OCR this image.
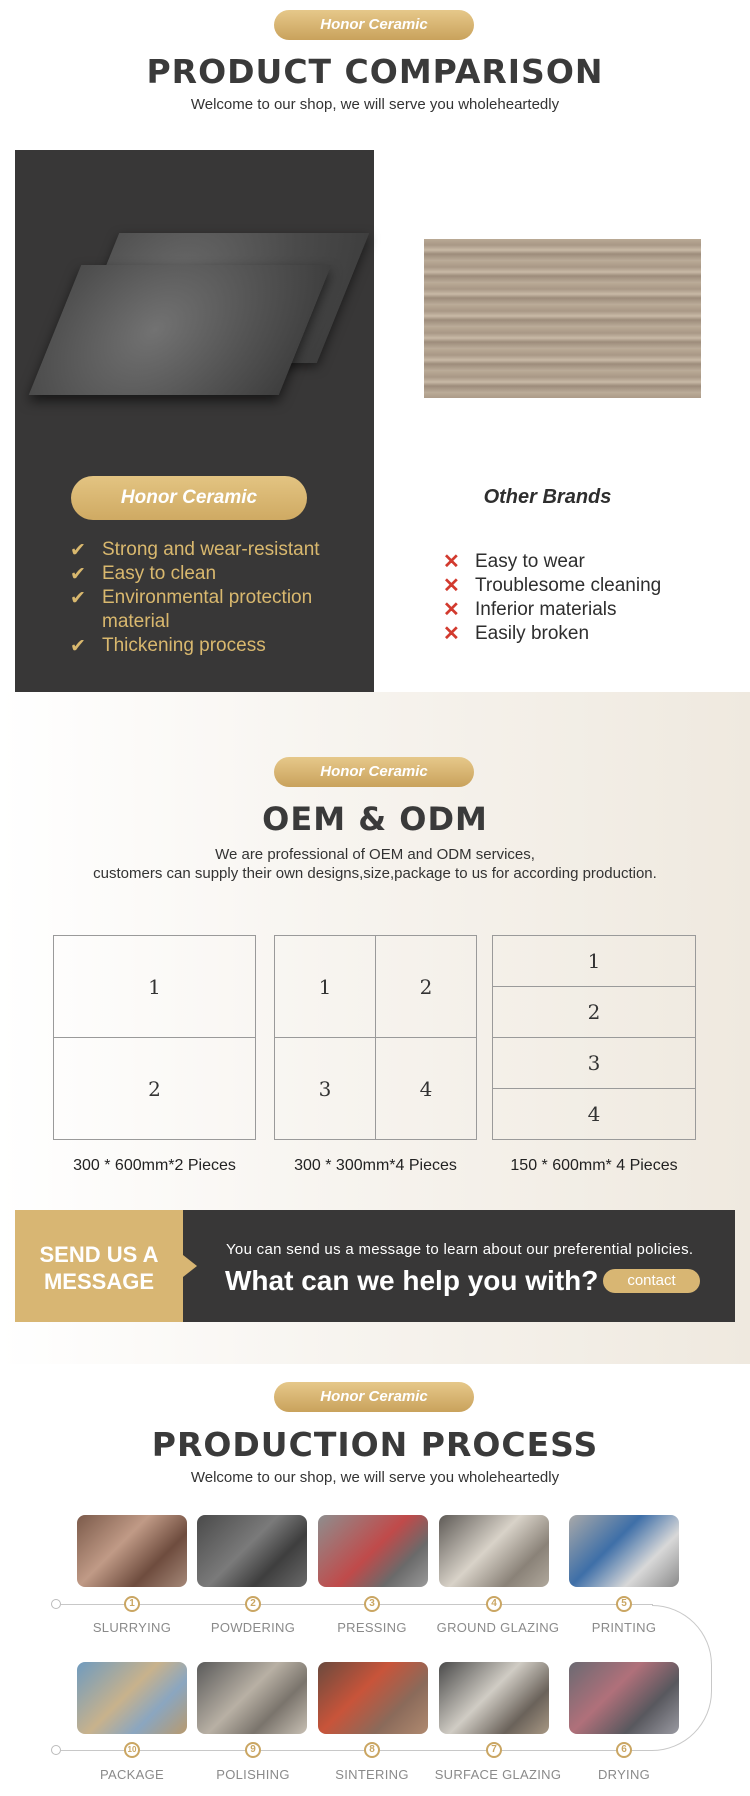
Honor Ceramic
PRODUCT COMPARISON
Welcome to our shop, we will serve you wholeheartedly
Honor Ceramic
✔ Strong and wear-resistant
✔ Easy to clean
✔ Environmental protection material
✔ Thickening process
Other Brands
✕ Easy to wear
✕ Troublesome cleaning
✕ Inferior materials
✕ Easily broken
Honor Ceramic
OEM & ODM
We are professional of OEM and ODM services,
customers can supply their own designs,size,package to us for according production.
1
2
300 * 600mm*2 Pieces
1	2
3	4
300 * 300mm*4 Pieces
1
2
3
4
150 * 600mm* 4 Pieces
SEND US A MESSAGE
You can send us a message to learn about our preferential policies.
What can we help you with?	contact
Honor Ceramic
PRODUCTION PROCESS
Welcome to our shop, we will serve you wholeheartedly
1	2	3	4	5
SLURRYING	POWDERING	PRESSING	GROUND GLAZING	PRINTING
10	9	8	7	6
PACKAGE	POLISHING	SINTERING	SURFACE GLAZING	DRYING
